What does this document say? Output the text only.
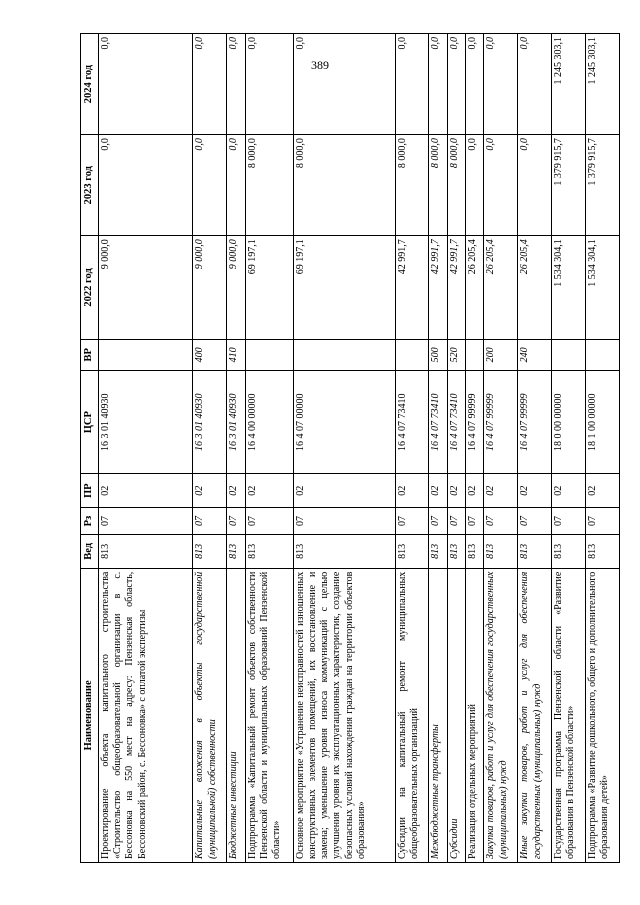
389
Наименование	Вед	Рз	ПР	ЦСР	ВР	2022 год	2023 год	2024 год
Проектирование объекта капитального строительства «Строительство общеобразовательной организации в с. Бессоновка на 550 мест на адресу: Пензенская область, Бессоновский район, с. Бессоновка» с оплатой экспертизы	813	07	02	16 3 01 40930		9 000,0	0,0	0,0
Капитальные вложения в объекты государственной (муниципальной) собственности	813	07	02	16 3 01 40930	400	9 000,0	0,0	0,0
Бюджетные инвестиции	813	07	02	16 3 01 40930	410	9 000,0	0,0	0,0
Подпрограмма «Капитальный ремонт объектов собственности Пензенской области и муниципальных образований Пензенской области»	813	07	02	16 4 00 00000		69 197,1	8 000,0	0,0
Основное мероприятие «Устранение неисправностей изношенных конструктивных элементов помещений, их восстановление и замена; уменьшение уровня износа коммуникаций с целью улучшения уровня их эксплуатационных характеристик, создание безопасных условий нахождения граждан на территории объектов образования»	813	07	02	16 4 07 00000		69 197,1	8 000,0	0,0
Субсидии на капитальный ремонт муниципальных общеобразовательных организаций	813	07	02	16 4 07 73410		42 991,7	8 000,0	0,0
Межбюджетные трансферты	813	07	02	16 4 07 73410	500	42 991,7	8 000,0	0,0
Субсидии	813	07	02	16 4 07 73410	520	42 991,7	8 000,0	0,0
Реализация отдельных мероприятий	813	07	02	16 4 07 99999		26 205,4	0,0	0,0
Закупка товаров, работ и услуг для обеспечения государственных (муниципальных) нужд	813	07	02	16 4 07 99999	200	26 205,4	0,0	0,0
Иные закупки товаров, работ и услуг для обеспечения государственных (муниципальных) нужд	813	07	02	16 4 07 99999	240	26 205,4	0,0	0,0
Государственная программа Пензенской области «Развитие образования в Пензенской области»	813	07	02	18 0 00 00000		1 534 304,1	1 379 915,7	1 245 303,1
Подпрограмма «Развитие дошкольного, общего и дополнительного образования детей»	813	07	02	18 1 00 00000		1 534 304,1	1 379 915,7	1 245 303,1
